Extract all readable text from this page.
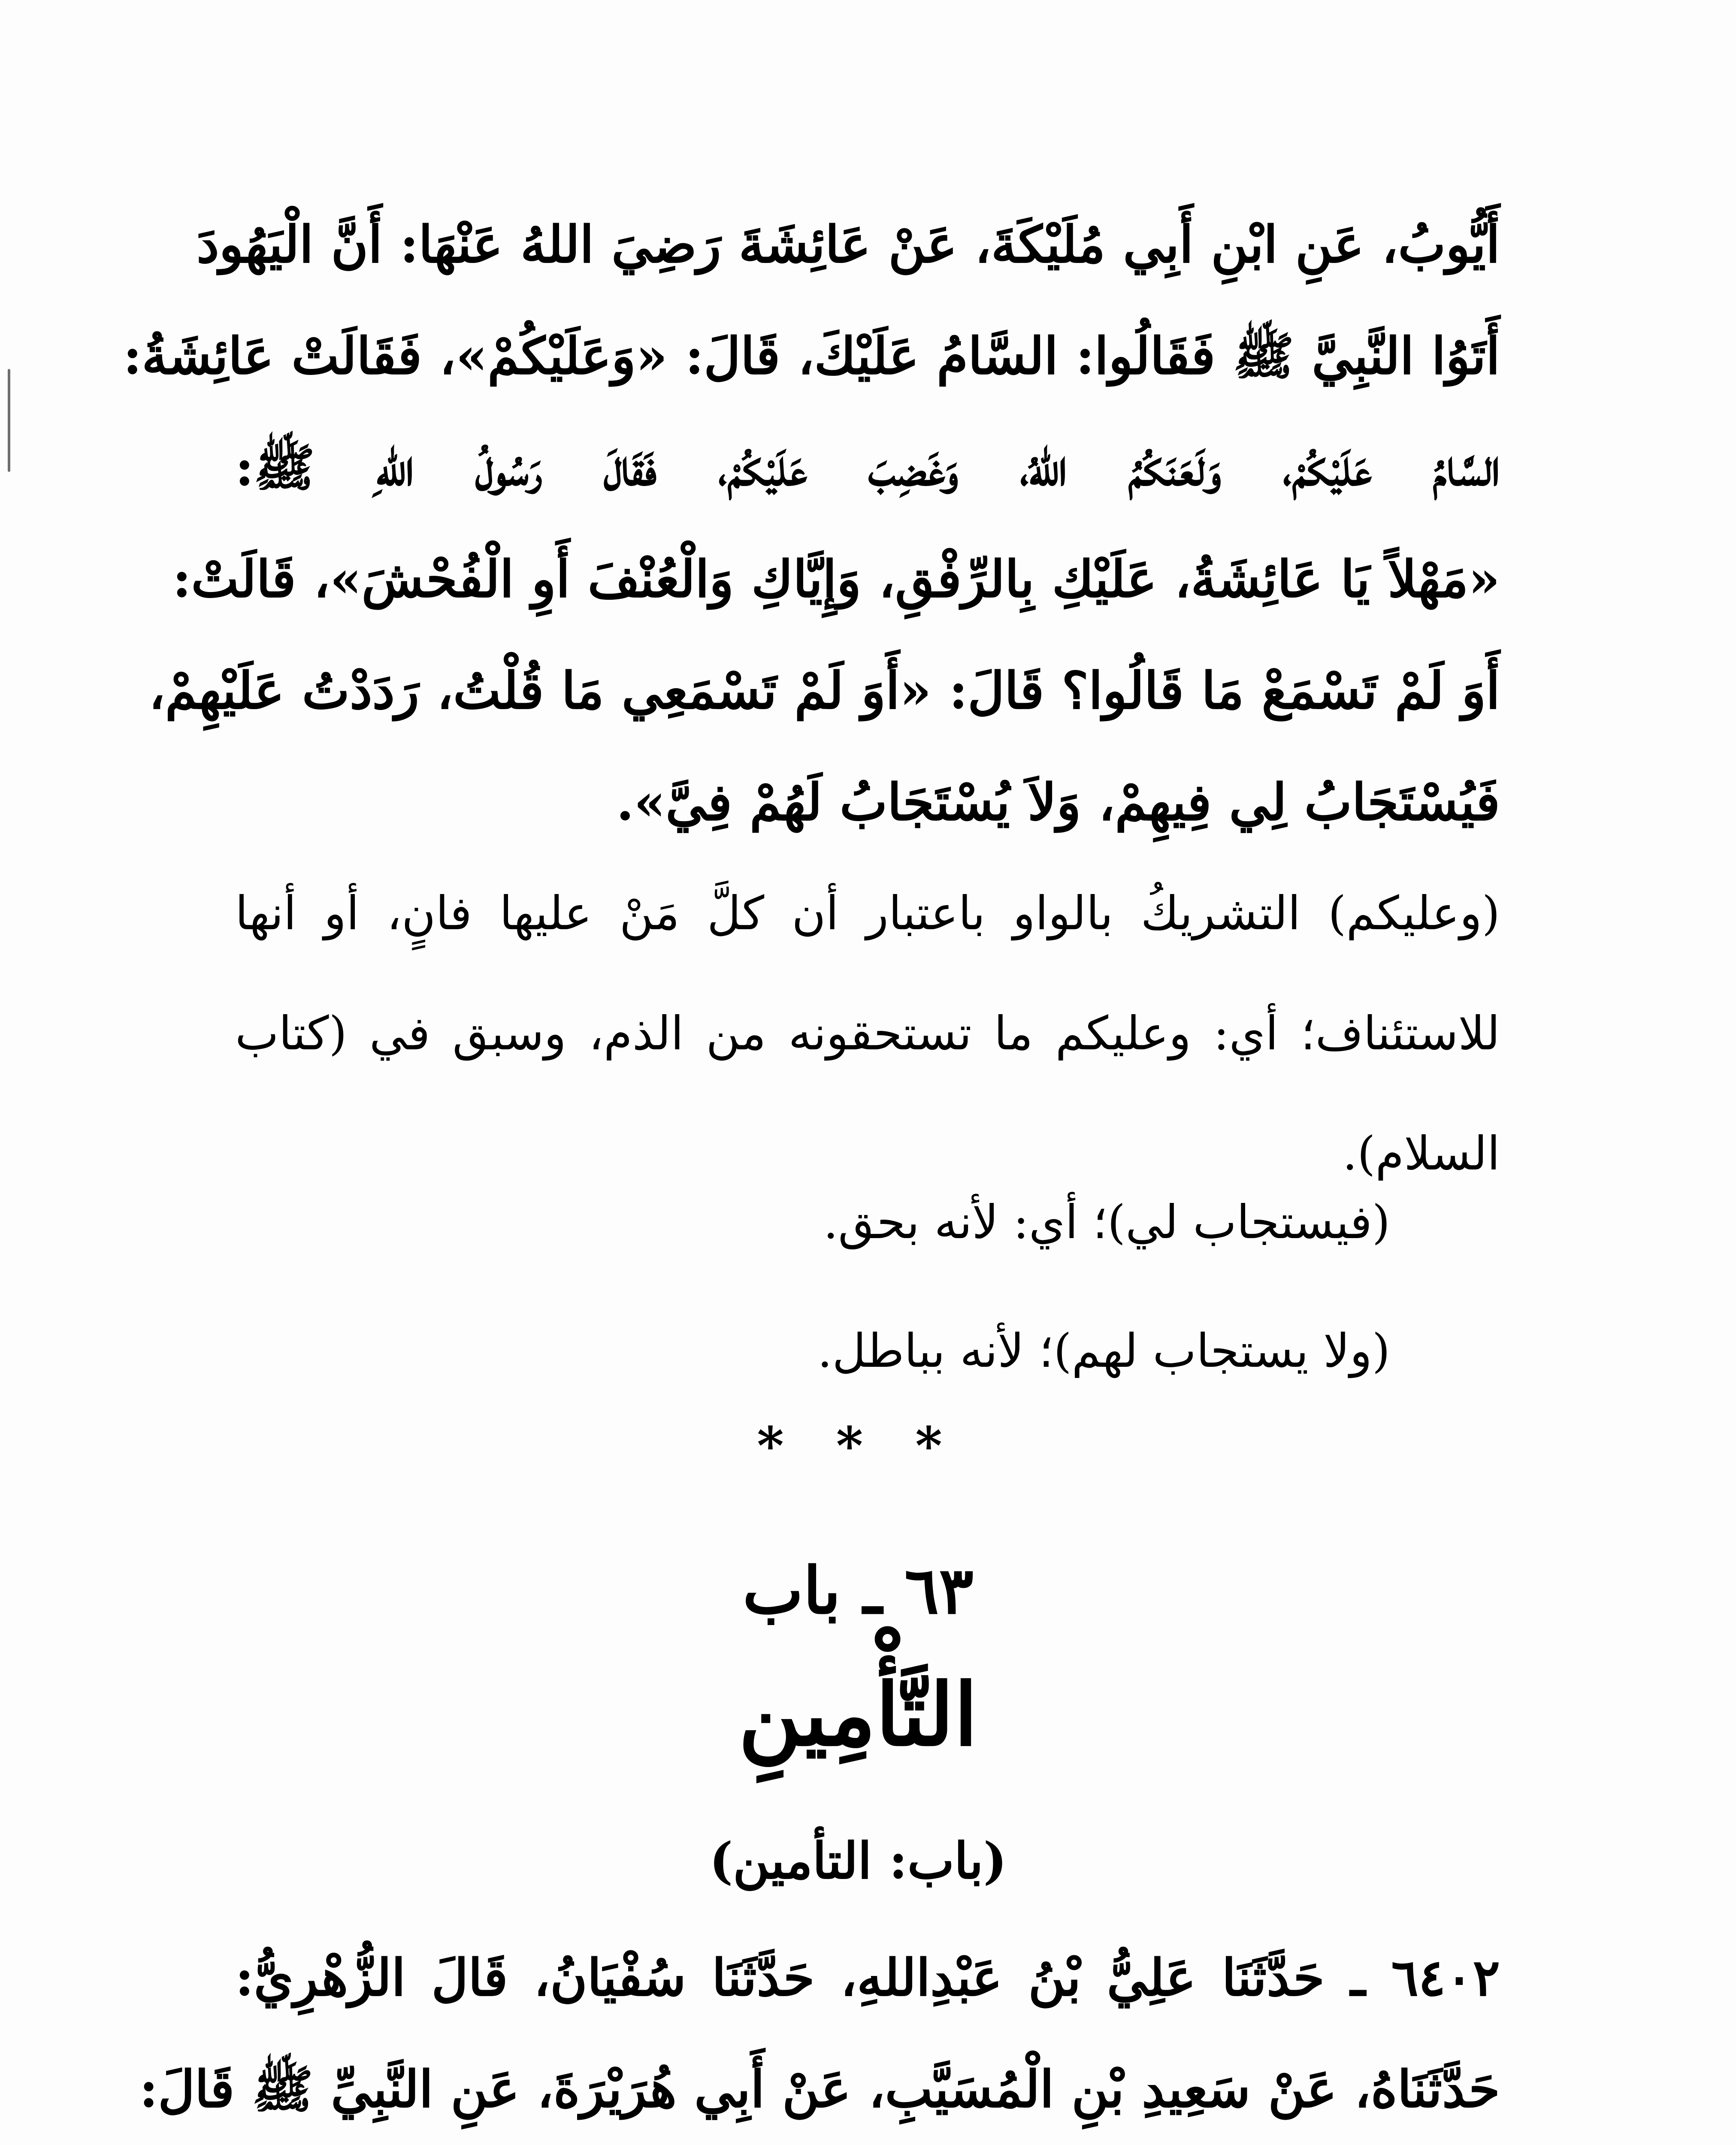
أَيُّوبُ، عَنِ ابْنِ أَبِي مُلَيْكَةَ، عَنْ عَائِشَةَ رَضِيَ اللهُ عَنْهَا: أَنَّ الْيَهُودَ
أَتَوُا النَّبِيَّ ﷺ فَقَالُوا: السَّامُ عَلَيْكَ، قَالَ: «وَعَلَيْكُمْ»، فَقَالَتْ عَائِشَةُ:
السَّامُ عَلَيْكُمْ، وَلَعَنَكُمُ اللهُ، وَغَضِبَ عَلَيْكُمْ، فَقَالَ رَسُولُ اللهِ ﷺ:
«مَهْلاً يَا عَائِشَةُ، عَلَيْكِ بِالرِّفْقِ، وَإِيَّاكِ وَالْعُنْفَ أَوِ الْفُحْشَ»، قَالَتْ:
أَوَ لَمْ تَسْمَعْ مَا قَالُوا؟ قَالَ: «أَوَ لَمْ تَسْمَعِي مَا قُلْتُ، رَدَدْتُ عَلَيْهِمْ،
فَيُسْتَجَابُ لِي فِيهِمْ، وَلاَ يُسْتَجَابُ لَهُمْ فِيَّ».
(وعليكم) التشريكُ بالواو باعتبار أن كلَّ مَنْ عليها فانٍ، أو أنها
للاستئناف؛ أي: وعليكم ما تستحقونه من الذم، وسبق في (كتاب
السلام).
(فيستجاب لي)؛ أي: لأنه بحق.
(ولا يستجاب لهم)؛ لأنه بباطل.
* * *
٦٣ ـ باب
التَّأْمِينِ
(باب: التأمين)
٦٤٠٢ ـ حَدَّثَنَا عَلِيُّ بْنُ عَبْدِاللهِ، حَدَّثَنَا سُفْيَانُ، قَالَ الزُّهْرِيُّ:
حَدَّثَنَاهُ، عَنْ سَعِيدِ بْنِ الْمُسَيَّبِ، عَنْ أَبِي هُرَيْرَةَ، عَنِ النَّبِيِّ ﷺ قَالَ:
